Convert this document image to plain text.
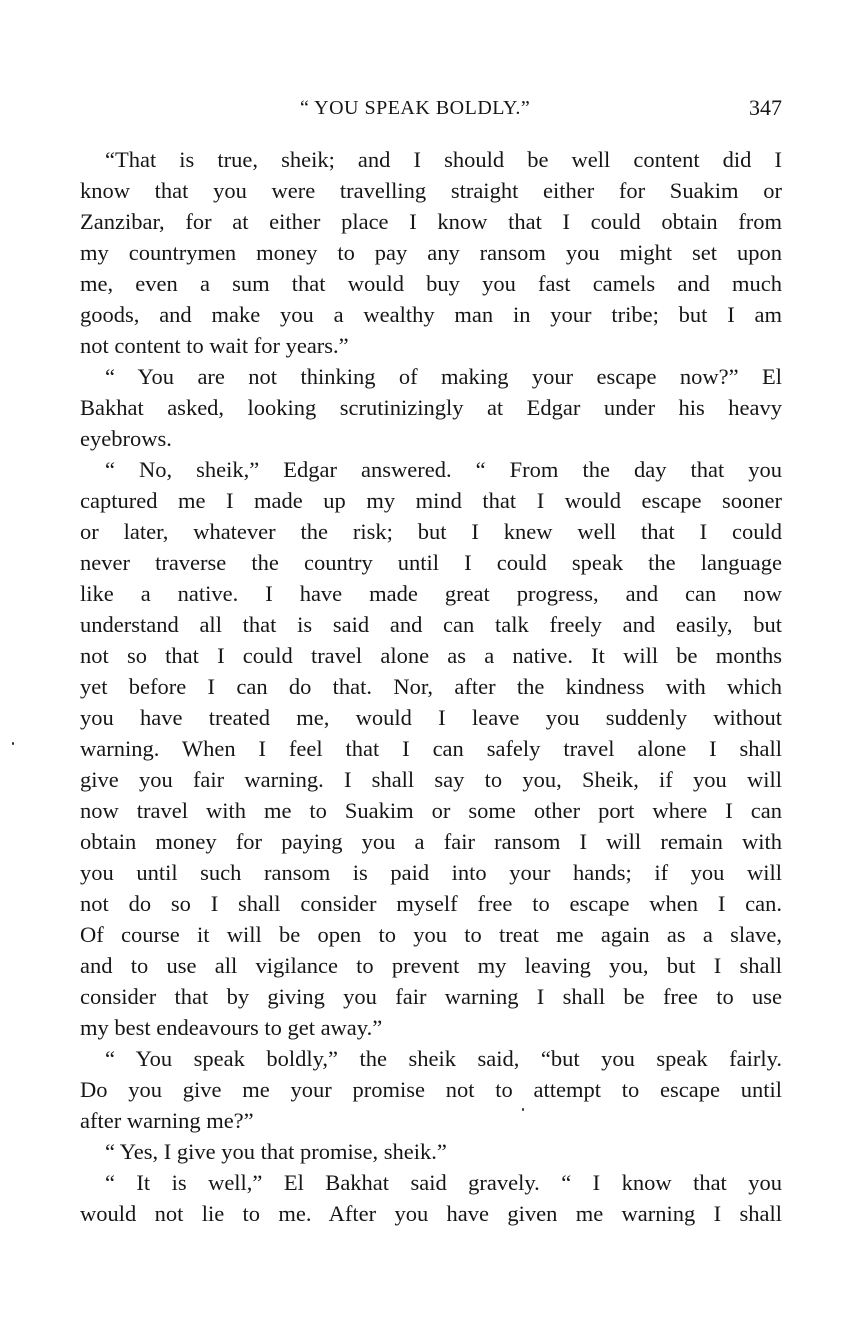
“ YOU SPEAK BOLDLY.”	347
“That is true, sheik; and I should be well content did I
know that you were travelling straight either for Suakim or
Zanzibar, for at either place I know that I could obtain from
my countrymen money to pay any ransom you might set upon
me, even a sum that would buy you fast camels and much
goods, and make you a wealthy man in your tribe; but I am
not content to wait for years.”
“ You are not thinking of making your escape now?” El
Bakhat asked, looking scrutinizingly at Edgar under his heavy
eyebrows.
“ No, sheik,” Edgar answered. “ From the day that you
captured me I made up my mind that I would escape sooner
or later, whatever the risk; but I knew well that I could
never traverse the country until I could speak the language
like a native. I have made great progress, and can now
understand all that is said and can talk freely and easily, but
not so that I could travel alone as a native. It will be months
yet before I can do that. Nor, after the kindness with which
you have treated me, would I leave you suddenly without
warning. When I feel that I can safely travel alone I shall
give you fair warning. I shall say to you, Sheik, if you will
now travel with me to Suakim or some other port where I can
obtain money for paying you a fair ransom I will remain with
you until such ransom is paid into your hands; if you will
not do so I shall consider myself free to escape when I can.
Of course it will be open to you to treat me again as a slave,
and to use all vigilance to prevent my leaving you, but I shall
consider that by giving you fair warning I shall be free to use
my best endeavours to get away.”
“ You speak boldly,” the sheik said, “but you speak fairly.
Do you give me your promise not to attempt to escape until
after warning me?”
“ Yes, I give you that promise, sheik.”
“ It is well,” El Bakhat said gravely. “ I know that you
would not lie to me. After you have given me warning I shall
